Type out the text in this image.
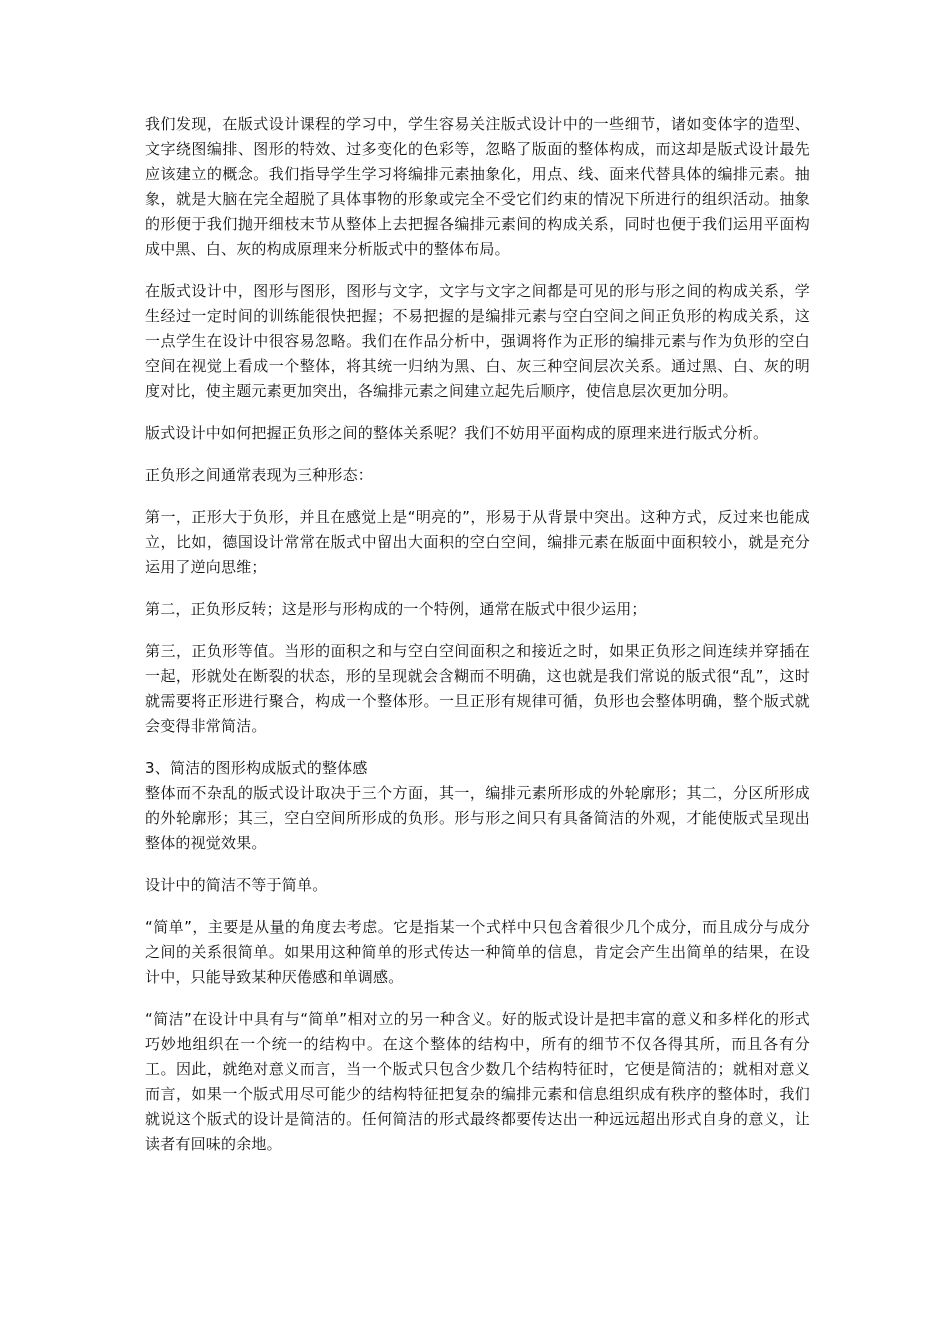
我们发现，在版式设计课程的学习中，学生容易关注版式设计中的一些细节，诸如变体字的造型、文字绕图编排、图形的特效、过多变化的色彩等，忽略了版面的整体构成，而这却是版式设计最先应该建立的概念。我们指导学生学习将编排元素抽象化，用点、线、面来代替具体的编排元素。抽象，就是大脑在完全超脱了具体事物的形象或完全不受它们约束的情况下所进行的组织活动。抽象的形便于我们抛开细枝末节从整体上去把握各编排元素间的构成关系，同时也便于我们运用平面构成中黑、白、灰的构成原理来分析版式中的整体布局。

在版式设计中，图形与图形，图形与文字，文字与文字之间都是可见的形与形之间的构成关系，学生经过一定时间的训练能很快把握；不易把握的是编排元素与空白空间之间正负形的构成关系，这一点学生在设计中很容易忽略。我们在作品分析中，强调将作为正形的编排元素与作为负形的空白空间在视觉上看成一个整体，将其统一归纳为黑、白、灰三种空间层次关系。通过黑、白、灰的明度对比，使主题元素更加突出，各编排元素之间建立起先后顺序，使信息层次更加分明。

版式设计中如何把握正负形之间的整体关系呢？我们不妨用平面构成的原理来进行版式分析。

正负形之间通常表现为三种形态：

第一，正形大于负形，并且在感觉上是“明亮的”，形易于从背景中突出。这种方式，反过来也能成立，比如，德国设计常常在版式中留出大面积的空白空间，编排元素在版面中面积较小，就是充分运用了逆向思维；

第二，正负形反转；这是形与形构成的一个特例，通常在版式中很少运用；

第三，正负形等值。当形的面积之和与空白空间面积之和接近之时，如果正负形之间连续并穿插在一起，形就处在断裂的状态，形的呈现就会含糊而不明确，这也就是我们常说的版式很“乱”，这时就需要将正形进行聚合，构成一个整体形。一旦正形有规律可循，负形也会整体明确，整个版式就会变得非常简洁。

3、简洁的图形构成版式的整体感

整体而不杂乱的版式设计取决于三个方面，其一，编排元素所形成的外轮廓形；其二，分区所形成的外轮廓形；其三，空白空间所形成的负形。形与形之间只有具备简洁的外观，才能使版式呈现出整体的视觉效果。

设计中的简洁不等于简单。

“简单”，主要是从量的角度去考虑。它是指某一个式样中只包含着很少几个成分，而且成分与成分之间的关系很简单。如果用这种简单的形式传达一种简单的信息，肯定会产生出简单的结果，在设计中，只能导致某种厌倦感和单调感。

“简洁”在设计中具有与“简单”相对立的另一种含义。好的版式设计是把丰富的意义和多样化的形式巧妙地组织在一个统一的结构中。在这个整体的结构中，所有的细节不仅各得其所，而且各有分工。因此，就绝对意义而言，当一个版式只包含少数几个结构特征时，它便是简洁的；就相对意义而言，如果一个版式用尽可能少的结构特征把复杂的编排元素和信息组织成有秩序的整体时，我们就说这个版式的设计是简洁的。任何简洁的形式最终都要传达出一种远远超出形式自身的意义，让读者有回味的余地。
